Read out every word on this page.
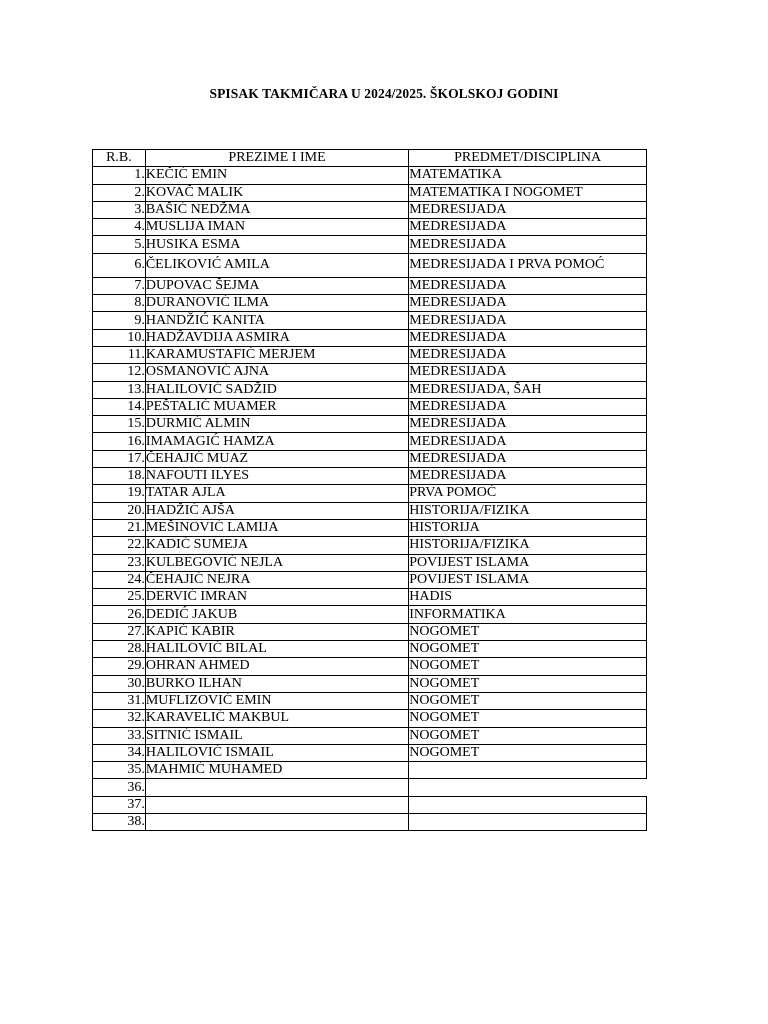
SPISAK TAKMIČARA U 2024/2025. ŠKOLSKOJ GODINI
R.B.	PREZIME I IME	PREDMET/DISCIPLINA
1.	KEČIĆ EMIN	MATEMATIKA
2.	KOVAČ MALIK	MATEMATIKA I NOGOMET
3.	BAŠIĆ NEDŽMA	MEDRESIJADA
4.	MUSLIJA IMAN	MEDRESIJADA
5.	HUSIKA ESMA	MEDRESIJADA
6.	ČELIKOVIĆ AMILA	MEDRESIJADA I PRVA POMOĆ
7.	DUPOVAC ŠEJMA	MEDRESIJADA
8.	DURANOVIĆ ILMA	MEDRESIJADA
9.	HANDŽIĆ KANITA	MEDRESIJADA
10.	HADŽAVDIJA ASMIRA	MEDRESIJADA
11.	KARAMUSTAFIĆ MERJEM	MEDRESIJADA
12.	OSMANOVIĆ AJNA	MEDRESIJADA
13.	HALILOVIĆ SADŽID	MEDRESIJADA, ŠAH
14.	PEŠTALIĆ MUAMER	MEDRESIJADA
15.	DURMIĆ ALMIN	MEDRESIJADA
16.	IMAMAGIĆ HAMZA	MEDRESIJADA
17.	ČEHAJIĆ MUAZ	MEDRESIJADA
18.	NAFOUTI ILYES	MEDRESIJADA
19.	TATAR AJLA	PRVA POMOĆ
20.	HADŽIĆ AJŠA	HISTORIJA/FIZIKA
21.	MEŠINOVIĆ LAMIJA	HISTORIJA
22.	KADIĆ SUMEJA	HISTORIJA/FIZIKA
23.	KULBEGOVIĆ NEJLA	POVIJEST ISLAMA
24.	ČEHAJIĆ NEJRA	POVIJEST ISLAMA
25.	DERVIĆ IMRAN	HADIS
26.	DEDIĆ JAKUB	INFORMATIKA
27.	KAPIĆ KABIR	NOGOMET
28.	HALILOVIĆ BILAL	NOGOMET
29.	OHRAN AHMED	NOGOMET
30.	BURKO ILHAN	NOGOMET
31.	MUFLIZOVIĆ EMIN	NOGOMET
32.	KARAVELIĆ MAKBUL	NOGOMET
33.	SITNIĆ ISMAIL	NOGOMET
34.	HALILOVIĆ ISMAIL	NOGOMET
35.	MAHMIĆ MUHAMED	
36.		
37.		
38.		
